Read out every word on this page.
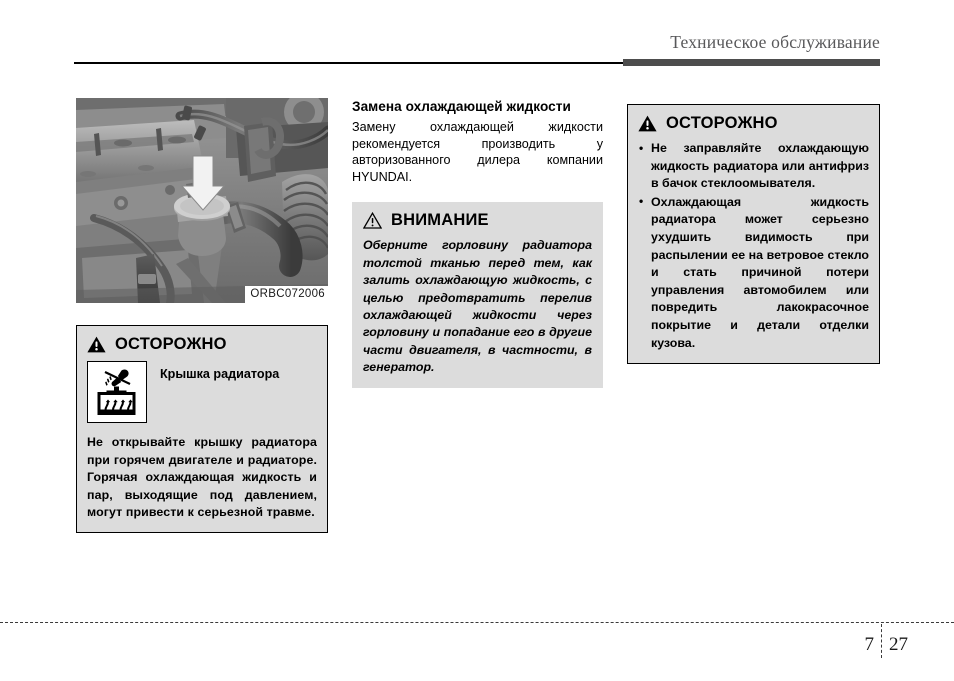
Техническое обслуживание
ORBC072006
ОСТОРОЖНО
Крышка радиатора
Не открывайте крышку радиатора при горячем двигателе и радиаторе. Горячая охлаждающая жидкость и пар, выходящие под давлением, могут привести к серьезной травме.
Замена охлаждающей жидкости

Замену охлаждающей жидкости рекомендуется производить у авторизованного дилера компании HYUNDAI.

ВНИМАНИЕ
Оберните горловину радиатора толстой тканью перед тем, как залить охлаждающую жидкость, с целью предотвратить перелив охлаждающей жидкости через горловину и попадание его в другие части двигателя, в частности, в генератор.
ОСТОРОЖНО
• Не заправляйте охлаждающую жидкость радиатора или антифриз в бачок стеклоомывателя.
• Охлаждающая жидкость радиатора может серьезно ухудшить видимость при распылении ее на ветровое стекло и стать причиной потери управления автомобилем или повредить лакокрасочное покрытие и детали отделки кузова.
7 27
